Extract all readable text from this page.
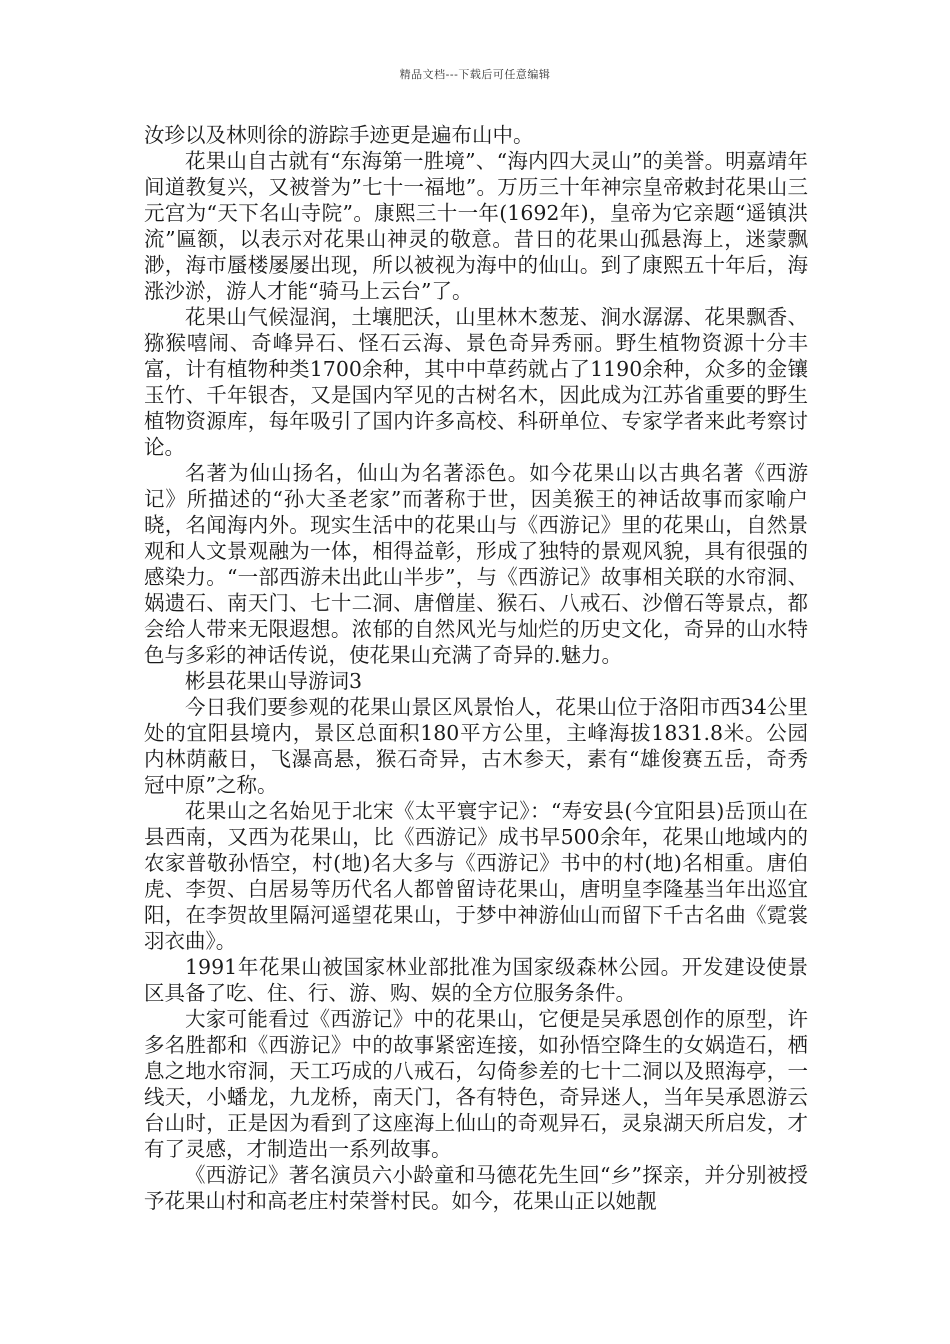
精品文档---下载后可任意编辑

汝珍以及林则徐的游踪手迹更是遍布山中。

花果山自古就有“东海第一胜境”、“海内四大灵山”的美誉。明嘉靖年间道教复兴，又被誉为”七十一福地”。万历三十年神宗皇帝敕封花果山三元宫为“天下名山寺院”。康熙三十一年(1692年)，皇帝为它亲题“遥镇洪流”匾额，以表示对花果山神灵的敬意。昔日的花果山孤悬海上，迷蒙飘渺，海市蜃楼屡屡出现，所以被视为海中的仙山。到了康熙五十年后，海涨沙淤，游人才能“骑马上云台”了。

花果山气候湿润，土壤肥沃，山里林木葱茏、涧水潺潺、花果飘香、猕猴嘻闹、奇峰异石、怪石云海、景色奇异秀丽。野生植物资源十分丰富，计有植物种类1700余种，其中中草药就占了1190余种，众多的金镶玉竹、千年银杏，又是国内罕见的古树名木，因此成为江苏省重要的野生植物资源库，每年吸引了国内许多高校、科研单位、专家学者来此考察讨论。

名著为仙山扬名，仙山为名著添色。如今花果山以古典名著《西游记》所描述的“孙大圣老家”而著称于世，因美猴王的神话故事而家喻户晓，名闻海内外。现实生活中的花果山与《西游记》里的花果山，自然景观和人文景观融为一体，相得益彰，形成了独特的景观风貌，具有很强的感染力。“一部西游未出此山半步”，与《西游记》故事相关联的水帘洞、娲遗石、南天门、七十二洞、唐僧崖、猴石、八戒石、沙僧石等景点，都会给人带来无限遐想。浓郁的自然风光与灿烂的历史文化，奇异的山水特色与多彩的神话传说，使花果山充满了奇异的.魅力。

彬县花果山导游词3

今日我们要参观的花果山景区风景怡人，花果山位于洛阳市西34公里处的宜阳县境内，景区总面积180平方公里，主峰海拔1831.8米。公园内林荫蔽日，飞瀑高悬，猴石奇异，古木参天，素有“雄俊赛五岳，奇秀冠中原”之称。

花果山之名始见于北宋《太平寰宇记》：“寿安县(今宜阳县)岳顶山在县西南，又西为花果山，比《西游记》成书早500余年，花果山地域内的农家普敬孙悟空，村(地)名大多与《西游记》书中的村(地)名相重。唐伯虎、李贺、白居易等历代名人都曾留诗花果山，唐明皇李隆基当年出巡宜阳，在李贺故里隔河遥望花果山，于梦中神游仙山而留下千古名曲《霓裳羽衣曲》。

1991年花果山被国家林业部批准为国家级森林公园。开发建设使景区具备了吃、住、行、游、购、娱的全方位服务条件。

大家可能看过《西游记》中的花果山，它便是吴承恩创作的原型，许多名胜都和《西游记》中的故事紧密连接，如孙悟空降生的女娲造石，栖息之地水帘洞，天工巧成的八戒石，勾倚参差的七十二洞以及照海亭，一线天，小蟠龙，九龙桥，南天门，各有特色，奇异迷人，当年吴承恩游云台山时，正是因为看到了这座海上仙山的奇观异石，灵泉湖天所启发，才有了灵感，才制造出一系列故事。

《西游记》著名演员六小龄童和马德花先生回“乡”探亲，并分别被授予花果山村和高老庄村荣誉村民。如今，花果山正以她靓
